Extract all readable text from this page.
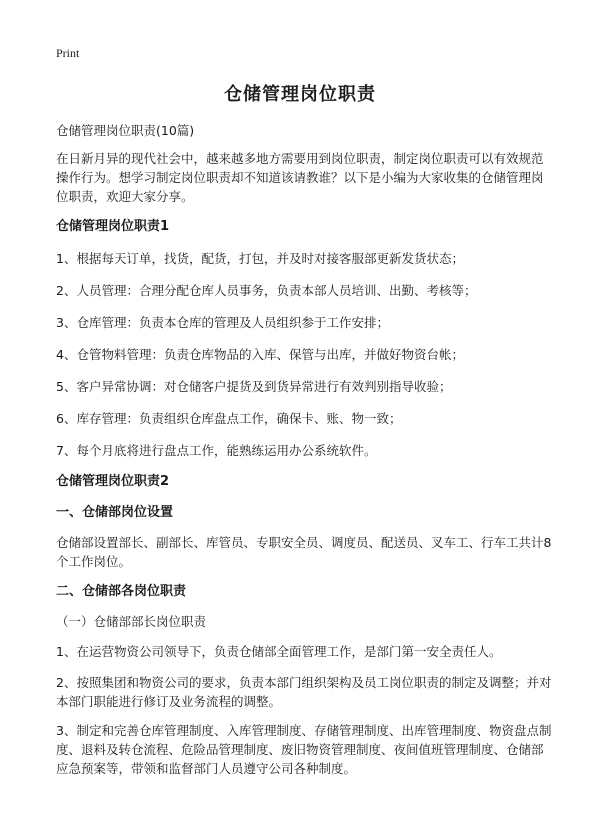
Print
仓储管理岗位职责
仓储管理岗位职责(10篇)
在日新月异的现代社会中，越来越多地方需要用到岗位职责，制定岗位职责可以有效规范操作行为。想学习制定岗位职责却不知道该请教谁？以下是小编为大家收集的仓储管理岗位职责，欢迎大家分享。
仓储管理岗位职责1
1、根据每天订单，找货，配货，打包，并及时对接客服部更新发货状态；
2、人员管理：合理分配仓库人员事务，负责本部人员培训、出勤、考核等；
3、仓库管理：负责本仓库的管理及人员组织参于工作安排；
4、仓管物料管理：负责仓库物品的入库、保管与出库，并做好物资台帐；
5、客户异常协调：对仓储客户提货及到货异常进行有效判别指导收验；
6、库存管理：负责组织仓库盘点工作，确保卡、账、物一致；
7、每个月底将进行盘点工作，能熟练运用办公系统软件。
仓储管理岗位职责2
一、仓储部岗位设置
仓储部设置部长、副部长、库管员、专职安全员、调度员、配送员、叉车工、行车工共计8个工作岗位。
二、仓储部各岗位职责
（一）仓储部部长岗位职责
1、在运营物资公司领导下，负责仓储部全面管理工作，是部门第一安全责任人。
2、按照集团和物资公司的要求，负责本部门组织架构及员工岗位职责的制定及调整；并对本部门职能进行修订及业务流程的调整。
3、制定和完善仓库管理制度、入库管理制度、存储管理制度、出库管理制度、物资盘点制度、退料及转仓流程、危险品管理制度、废旧物资管理制度、夜间值班管理制度、仓储部应急预案等，带领和监督部门人员遵守公司各种制度。
